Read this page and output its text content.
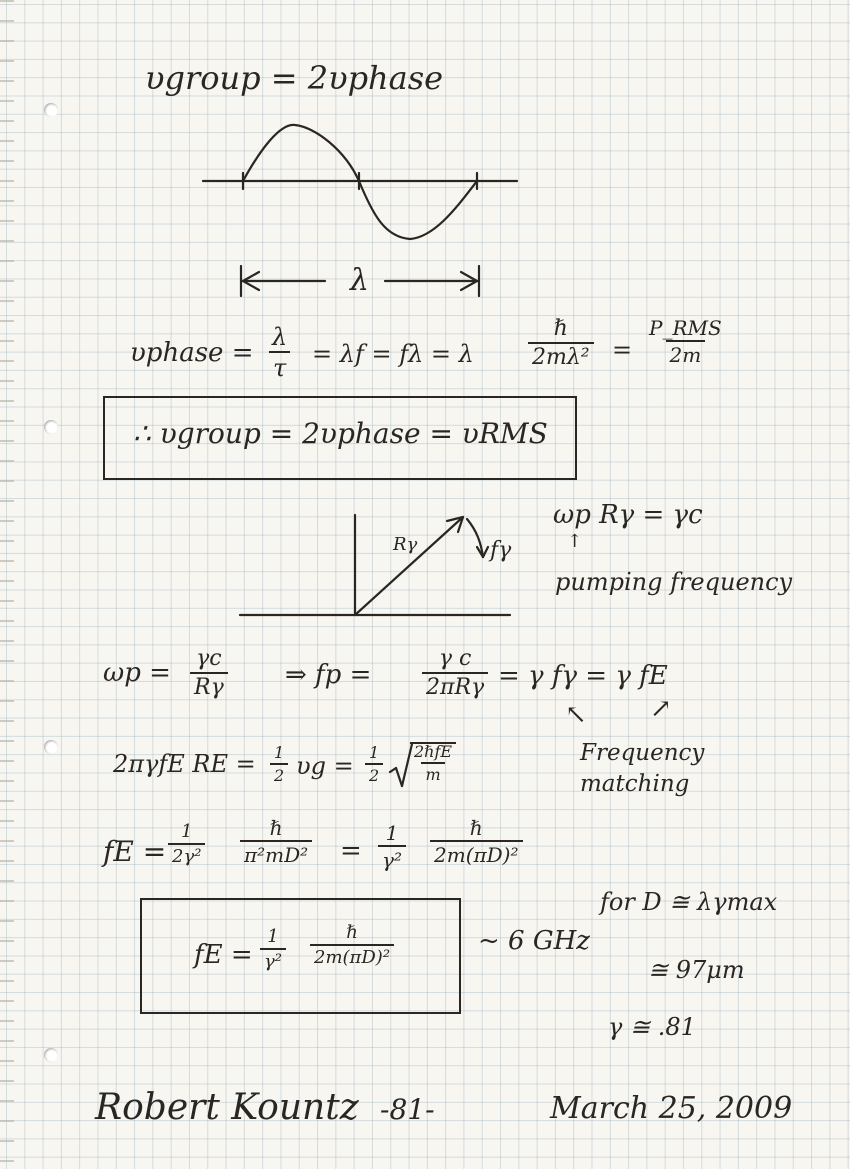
𝜐group = 2𝜐phase
λ
𝜐phase = $\frac{\lambda}{\tau} = \lambda f = f\lambda = \lambda$
ℏ
2mλ² =
P_RMS
2m
∴ 𝜐group = 2𝜐phase = 𝜐RMS
Rγ	fγ
ωp Rγ = γc
↑
pumping frequency
$\omega p = \frac{\gamma c}{R\gamma}$ ⇒ fp =
γ c
2πRγ = γ fγ = γ fE
↖ ↗
Frequency
matching
2πγfE RE = $\frac{1}{2}$ 𝜐g = $\frac{1}{2}$ 2ℏfE
m
fE = $\frac{1}{\text{2γ²}}$	ℏ
$\pi^2mD^2 = \frac{1}{\text{γ²}}$	ℏ
2m(πD)²
fE = $\frac{1}{\text{γ²}}$	ℏ
2m(πD)²
~ 6 GHz
for D ≅ λγmax
≅ 97μm
γ ≅ .81
Robert Kountz -81-	March 25, 2009
